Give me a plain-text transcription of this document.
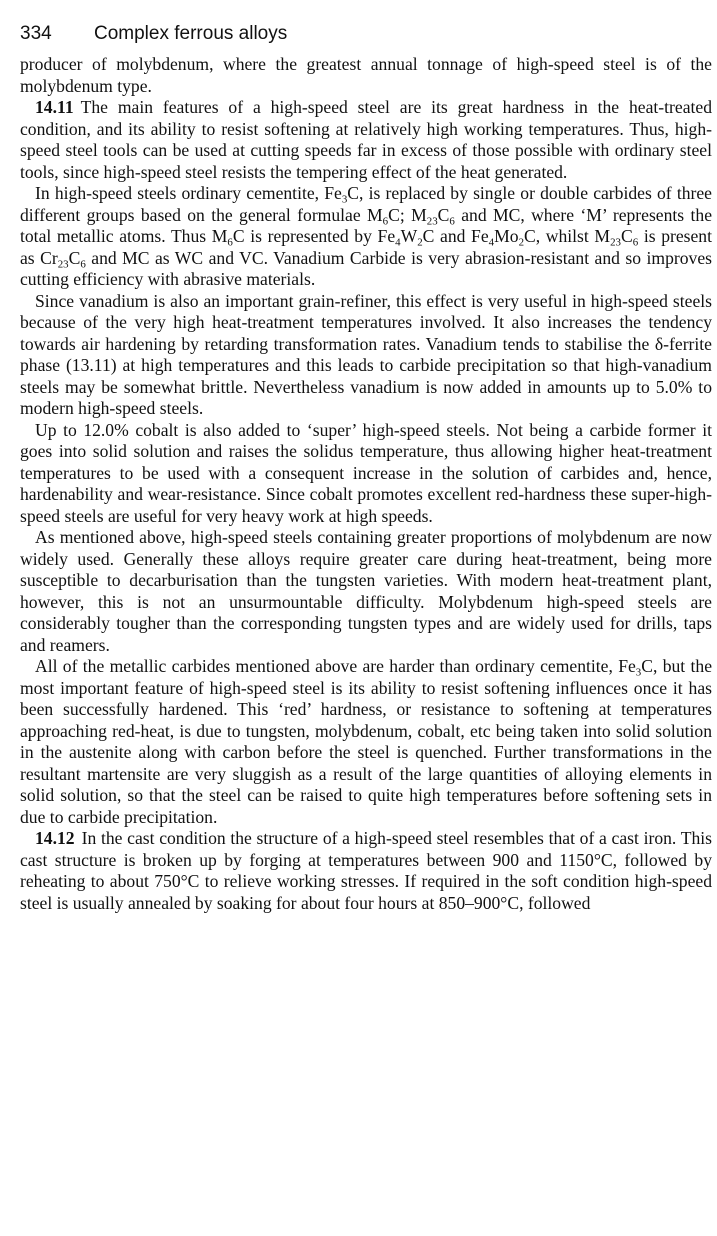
334 Complex ferrous alloys

producer of molybdenum, where the greatest annual tonnage of high-speed steel is of the molybdenum type.

14.11 The main features of a high-speed steel are its great hardness in the heat-treated condition, and its ability to resist softening at relatively high working temperatures. Thus, high-speed steel tools can be used at cutting speeds far in excess of those possible with ordinary steel tools, since high-speed steel resists the tempering effect of the heat generated.

In high-speed steels ordinary cementite, $Fe_3C$, is replaced by single or double carbides of three different groups based on the general formulae $M_6C$; $M_{23}C_6$ and MC, where ‘M’ represents the total metallic atoms. Thus $M_6C$ is represented by $Fe_4W_2C$ and $Fe_4Mo_2C$, whilst $M_{23}C_6$ is present as $Cr_{23}C_6$ and MC as WC and VC. Vanadium Carbide is very abrasion-resistant and so improves cutting efficiency with abrasive materials.

Since vanadium is also an important grain-refiner, this effect is very useful in high-speed steels because of the very high heat-treatment temperatures involved. It also increases the tendency towards air hardening by retarding transformation rates. Vanadium tends to stabilise the δ-ferrite phase (13.11) at high temperatures and this leads to carbide precipitation so that high-vanadium steels may be somewhat brittle. Nevertheless vanadium is now added in amounts up to 5.0% to modern high-speed steels.

Up to 12.0% cobalt is also added to ‘super’ high-speed steels. Not being a carbide former it goes into solid solution and raises the solidus temperature, thus allowing higher heat-treatment temperatures to be used with a consequent increase in the solution of carbides and, hence, hardenability and wear-resistance. Since cobalt promotes excellent red-hardness these super-high-speed steels are useful for very heavy work at high speeds.

As mentioned above, high-speed steels containing greater proportions of molybdenum are now widely used. Generally these alloys require greater care during heat-treatment, being more susceptible to decarburisation than the tungsten varieties. With modern heat-treatment plant, however, this is not an unsurmountable difficulty. Molybdenum high-speed steels are considerably tougher than the corresponding tungsten types and are widely used for drills, taps and reamers.

All of the metallic carbides mentioned above are harder than ordinary cementite, $Fe_3C$, but the most important feature of high-speed steel is its ability to resist softening influences once it has been successfully hardened. This ‘red’ hardness, or resistance to softening at temperatures approaching red-heat, is due to tungsten, molybdenum, cobalt, etc being taken into solid solution in the austenite along with carbon before the steel is quenched. Further transformations in the resultant martensite are very sluggish as a result of the large quantities of alloying elements in solid solution, so that the steel can be raised to quite high temperatures before softening sets in due to carbide precipitation.

14.12 In the cast condition the structure of a high-speed steel resembles that of a cast iron. This cast structure is broken up by forging at temperatures between 900 and 1150°C, followed by reheating to about 750°C to relieve working stresses. If required in the soft condition high-speed steel is usually annealed by soaking for about four hours at 850–900°C, followed
